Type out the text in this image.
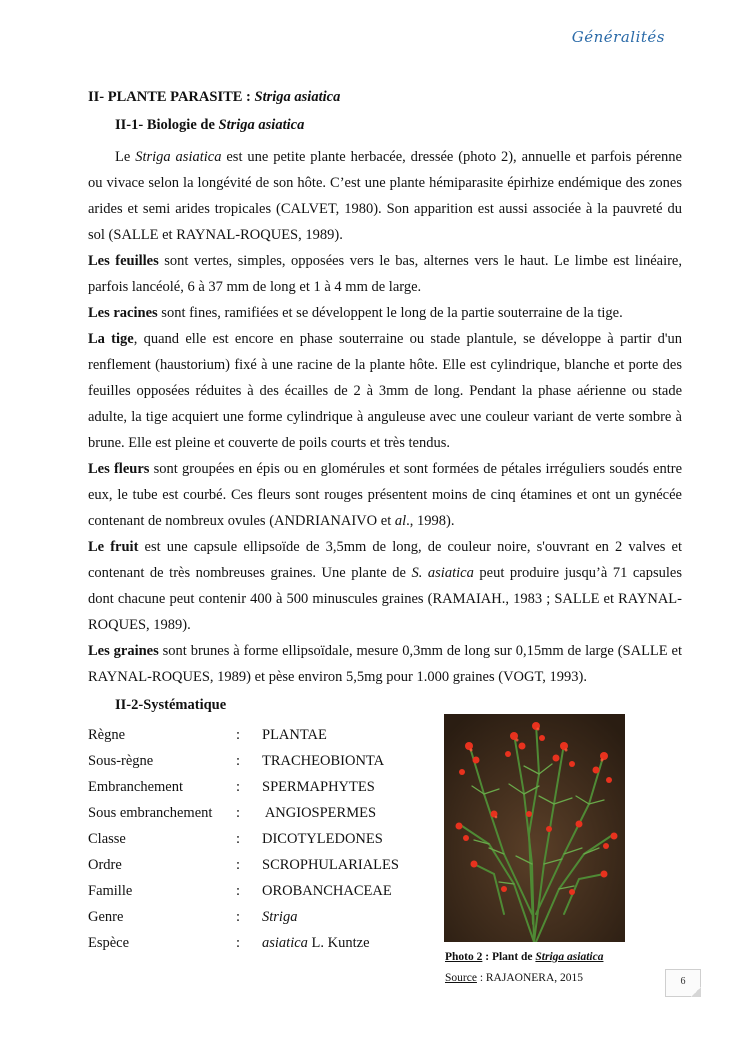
Généralités
II- PLANTE PARASITE : Striga asiatica
II-1- Biologie de Striga asiatica

Le Striga asiatica est une petite plante herbacée, dressée (photo 2), annuelle et parfois pérenne ou vivace selon la longévité de son hôte. C’est une plante hémiparasite épirhize endémique des zones arides et semi arides tropicales (CALVET, 1980). Son apparition est aussi associée à la pauvreté du sol (SALLE et RAYNAL-ROQUES, 1989).

Les feuilles sont vertes, simples, opposées vers le bas, alternes vers le haut. Le limbe est linéaire, parfois lancéolé, 6 à 37 mm de long et 1 à 4 mm de large.

Les racines sont fines, ramifiées et se développent le long de la partie souterraine de la tige.

La tige, quand elle est encore en phase souterraine ou stade plantule, se développe à partir d'un renflement (haustorium) fixé à une racine de la plante hôte. Elle est cylindrique, blanche et porte des feuilles opposées réduites à des écailles de 2 à 3mm de long. Pendant la phase aérienne ou stade adulte, la tige acquiert une forme cylindrique à anguleuse avec une couleur variant de verte sombre à brune. Elle est pleine et couverte de poils courts et très tendus.

Les fleurs sont groupées en épis ou en glomérules et sont formées de pétales irréguliers soudés entre eux, le tube est courbé. Ces fleurs sont rouges présentent moins de cinq étamines et ont un gynécée contenant de nombreux ovules (ANDRIANAIVO et al., 1998).

Le fruit est une capsule ellipsoïde de 3,5mm de long, de couleur noire, s'ouvrant en 2 valves et contenant de très nombreuses graines. Une plante de S. asiatica peut produire jusqu’à 71 capsules dont chacune peut contenir 400 à 500 minuscules graines (RAMAIAH., 1983 ; SALLE et RAYNAL-ROQUES, 1989).

Les graines sont brunes à forme ellipsoïdale, mesure 0,3mm de long sur 0,15mm de large (SALLE et RAYNAL-ROQUES, 1989) et pèse environ 5,5mg pour 1.000 graines (VOGT, 1993).

II-2-Systématique
Règne	: PLANTAE
Sous-règne	: TRACHEOBIONTA
Embranchement	: SPERMAPHYTES
Sous embranchement : ANGIOSPERMES
Classe	: DICOTYLEDONES
Ordre	: SCROPHULARIALES
Famille	: OROBANCHACEAE
Genre	: Striga
Espèce	: asiatica L. Kuntze
Photo 2 : Plant de Striga asiatica
Source : RAJAONERA, 2015	6
